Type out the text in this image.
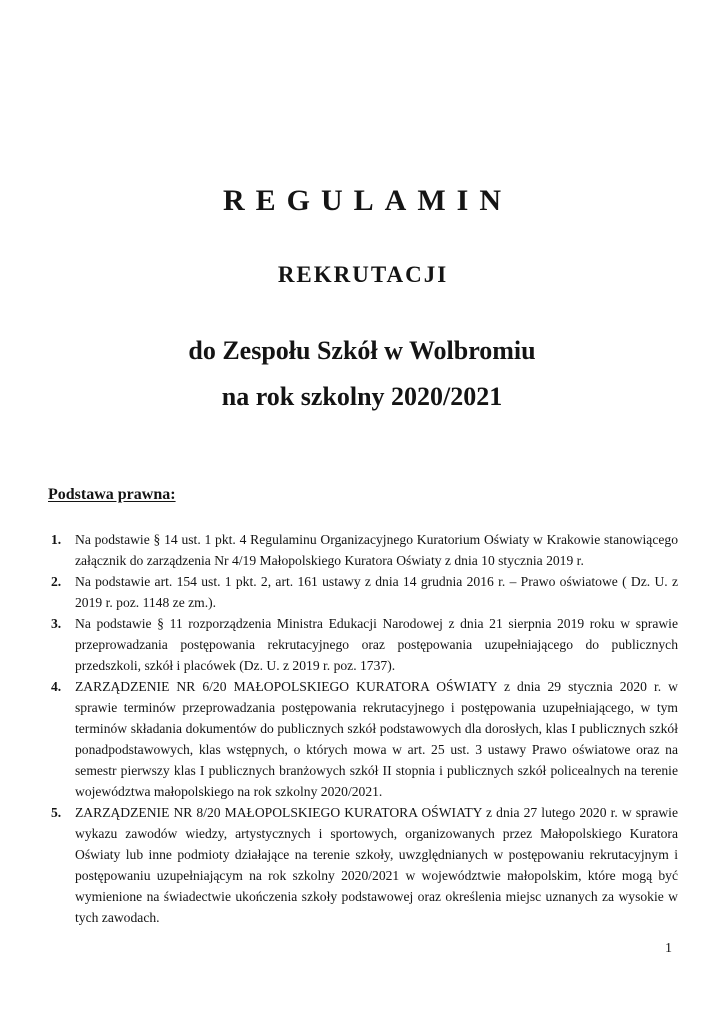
REGULAMIN
REKRUTACJI
do Zespołu Szkół w Wolbromiu
na rok szkolny 2020/2021
Podstawa prawna:
1. Na podstawie § 14 ust. 1 pkt. 4 Regulaminu Organizacyjnego Kuratorium Oświaty w Krakowie stanowiącego załącznik do zarządzenia Nr 4/19 Małopolskiego Kuratora Oświaty z dnia 10 stycznia 2019 r.
2. Na podstawie art. 154 ust. 1 pkt. 2, art. 161 ustawy z dnia 14 grudnia 2016 r. – Prawo oświatowe ( Dz. U. z 2019 r. poz. 1148 ze zm.).
3. Na podstawie § 11 rozporządzenia Ministra Edukacji Narodowej z dnia 21 sierpnia 2019 roku w sprawie przeprowadzania postępowania rekrutacyjnego oraz postępowania uzupełniającego do publicznych przedszkoli, szkół i placówek (Dz. U. z 2019 r. poz. 1737).
4. ZARZĄDZENIE NR 6/20 MAŁOPOLSKIEGO KURATORA OŚWIATY z dnia 29 stycznia 2020 r. w sprawie terminów przeprowadzania postępowania rekrutacyjnego i postępowania uzupełniającego, w tym terminów składania dokumentów do publicznych szkół podstawowych dla dorosłych, klas I publicznych szkół ponadpodstawowych, klas wstępnych, o których mowa w art. 25 ust. 3 ustawy Prawo oświatowe oraz na semestr pierwszy klas I publicznych branżowych szkół II stopnia i publicznych szkół policealnych na terenie województwa małopolskiego na rok szkolny 2020/2021.
5. ZARZĄDZENIE NR 8/20 MAŁOPOLSKIEGO KURATORA OŚWIATY z dnia 27 lutego 2020 r. w sprawie wykazu zawodów wiedzy, artystycznych i sportowych, organizowanych przez Małopolskiego Kuratora Oświaty lub inne podmioty działające na terenie szkoły, uwzględnianych w postępowaniu rekrutacyjnym i postępowaniu uzupełniającym na rok szkolny 2020/2021 w województwie małopolskim, które mogą być wymienione na świadectwie ukończenia szkoły podstawowej oraz określenia miejsc uznanych za wysokie w tych zawodach.
1
